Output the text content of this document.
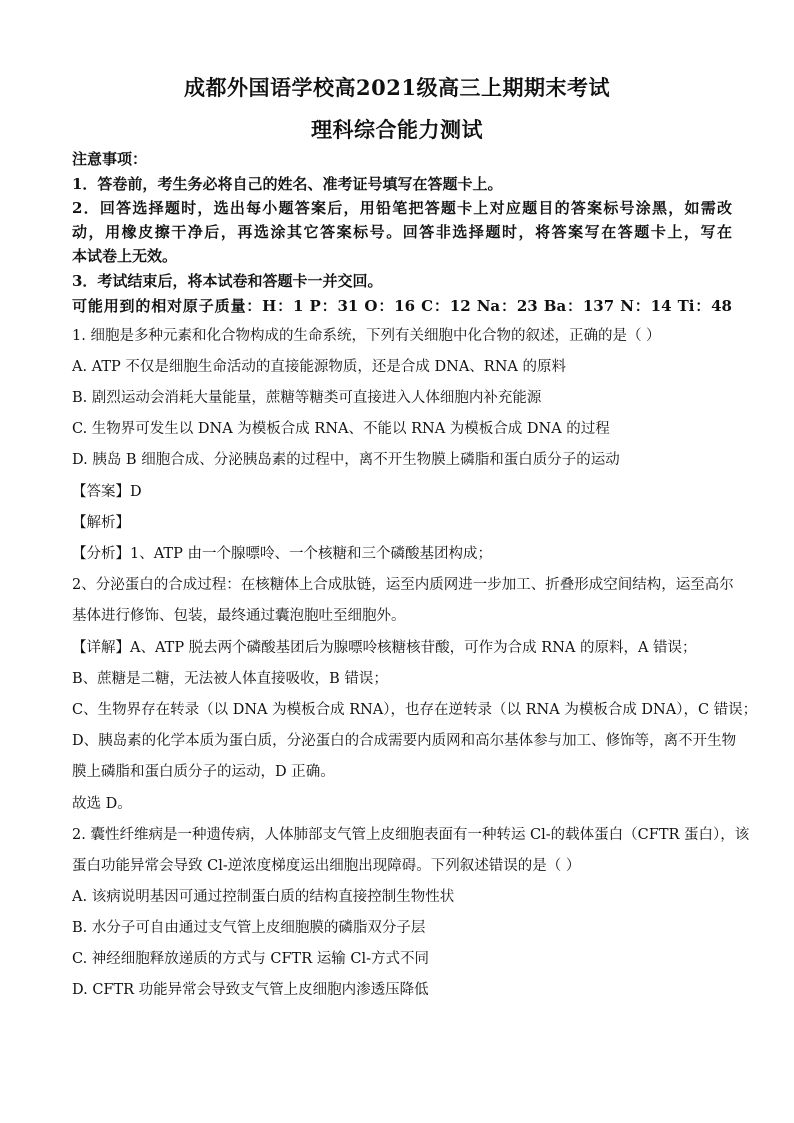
成都外国语学校高2021级高三上期期末考试
理科综合能力测试
注意事项：
1．答卷前，考生务必将自己的姓名、准考证号填写在答题卡上。
2．回答选择题时，选出每小题答案后，用铅笔把答题卡上对应题目的答案标号涂黑，如需改
动，用橡皮擦干净后，再选涂其它答案标号。回答非选择题时，将答案写在答题卡上，写在
本试卷上无效。
3．考试结束后，将本试卷和答题卡一并交回。
可能用到的相对原子质量：H：1 P：31 O：16 C：12 Na：23 Ba：137 N：14 Ti：48
1. 细胞是多种元素和化合物构成的生命系统，下列有关细胞中化合物的叙述，正确的是（ ）
A. ATP 不仅是细胞生命活动的直接能源物质，还是合成 DNA、RNA 的原料
B. 剧烈运动会消耗大量能量，蔗糖等糖类可直接进入人体细胞内补充能源
C. 生物界可发生以 DNA 为模板合成 RNA、不能以 RNA 为模板合成 DNA 的过程
D. 胰岛 B 细胞合成、分泌胰岛素的过程中，离不开生物膜上磷脂和蛋白质分子的运动
【答案】D
【解析】
【分析】1、ATP 由一个腺嘌呤、一个核糖和三个磷酸基团构成；
2、分泌蛋白的合成过程：在核糖体上合成肽链，运至内质网进一步加工、折叠形成空间结构，运至高尔
基体进行修饰、包装，最终通过囊泡胞吐至细胞外。
【详解】A、ATP 脱去两个磷酸基团后为腺嘌呤核糖核苷酸，可作为合成 RNA 的原料，A 错误；
B、蔗糖是二糖，无法被人体直接吸收，B 错误；
C、生物界存在转录（以 DNA 为模板合成 RNA），也存在逆转录（以 RNA 为模板合成 DNA），C 错误；
D、胰岛素的化学本质为蛋白质，分泌蛋白的合成需要内质网和高尔基体参与加工、修饰等，离不开生物
膜上磷脂和蛋白质分子的运动，D 正确。
故选 D。
2. 囊性纤维病是一种遗传病，人体肺部支气管上皮细胞表面有一种转运 Cl-的载体蛋白（CFTR 蛋白），该
蛋白功能异常会导致 Cl-逆浓度梯度运出细胞出现障碍。下列叙述错误的是（ ）
A. 该病说明基因可通过控制蛋白质的结构直接控制生物性状
B. 水分子可自由通过支气管上皮细胞膜的磷脂双分子层
C. 神经细胞释放递质的方式与 CFTR 运输 Cl-方式不同
D. CFTR 功能异常会导致支气管上皮细胞内渗透压降低
